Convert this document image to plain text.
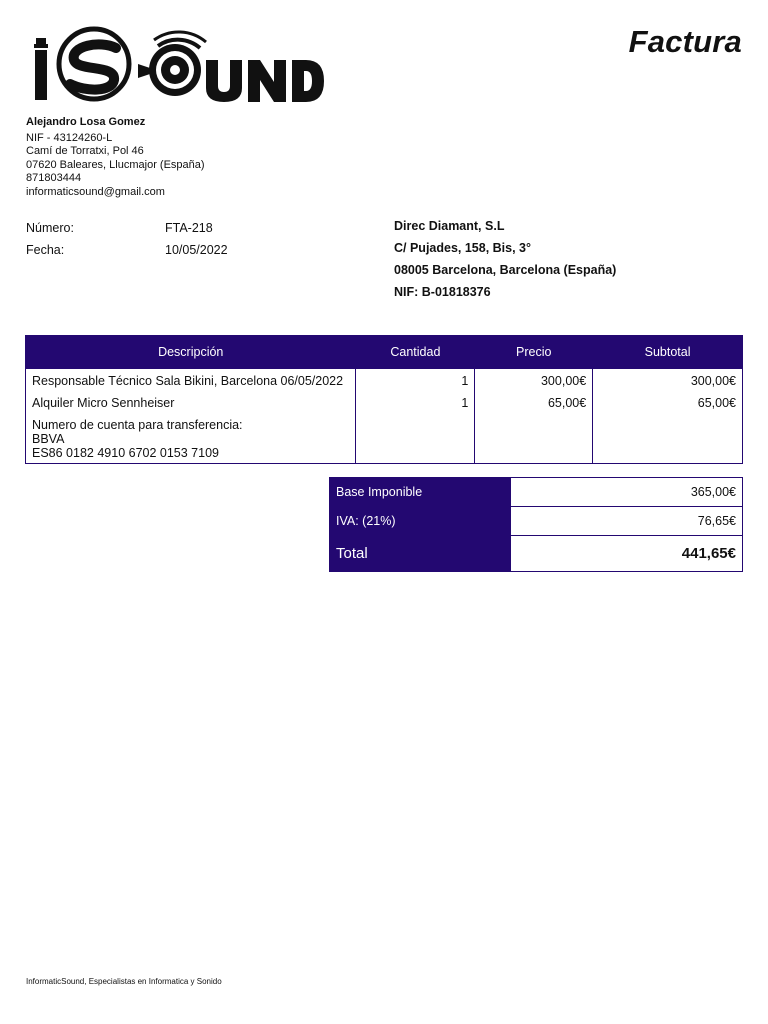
Factura
Alejandro Losa Gomez
NIF - 43124260-L
Camí de Torratxi, Pol 46
07620 Baleares, Llucmajor (España)
871803444
informaticsound@gmail.com
Número:	FTA-218
Fecha:	10/05/2022
Direc Diamant, S.L
C/ Pujades, 158, Bis, 3°
08005 Barcelona, Barcelona (España)
NIF: B-01818376
Descripción	Cantidad	Precio	Subtotal
Responsable Técnico Sala Bikini, Barcelona 06/05/2022	1	300,00€	300,00€
Alquiler Micro Sennheiser	1	65,00€	65,00€

Numero de cuenta para transferencia:
BBVA
ES86 0182 4910 6702 0153 7109			

Base Imponible	365,00€
IVA: (21%)	76,65€
Total	441,65€
InformaticSound, Especialistas en Informatica y Sonido
